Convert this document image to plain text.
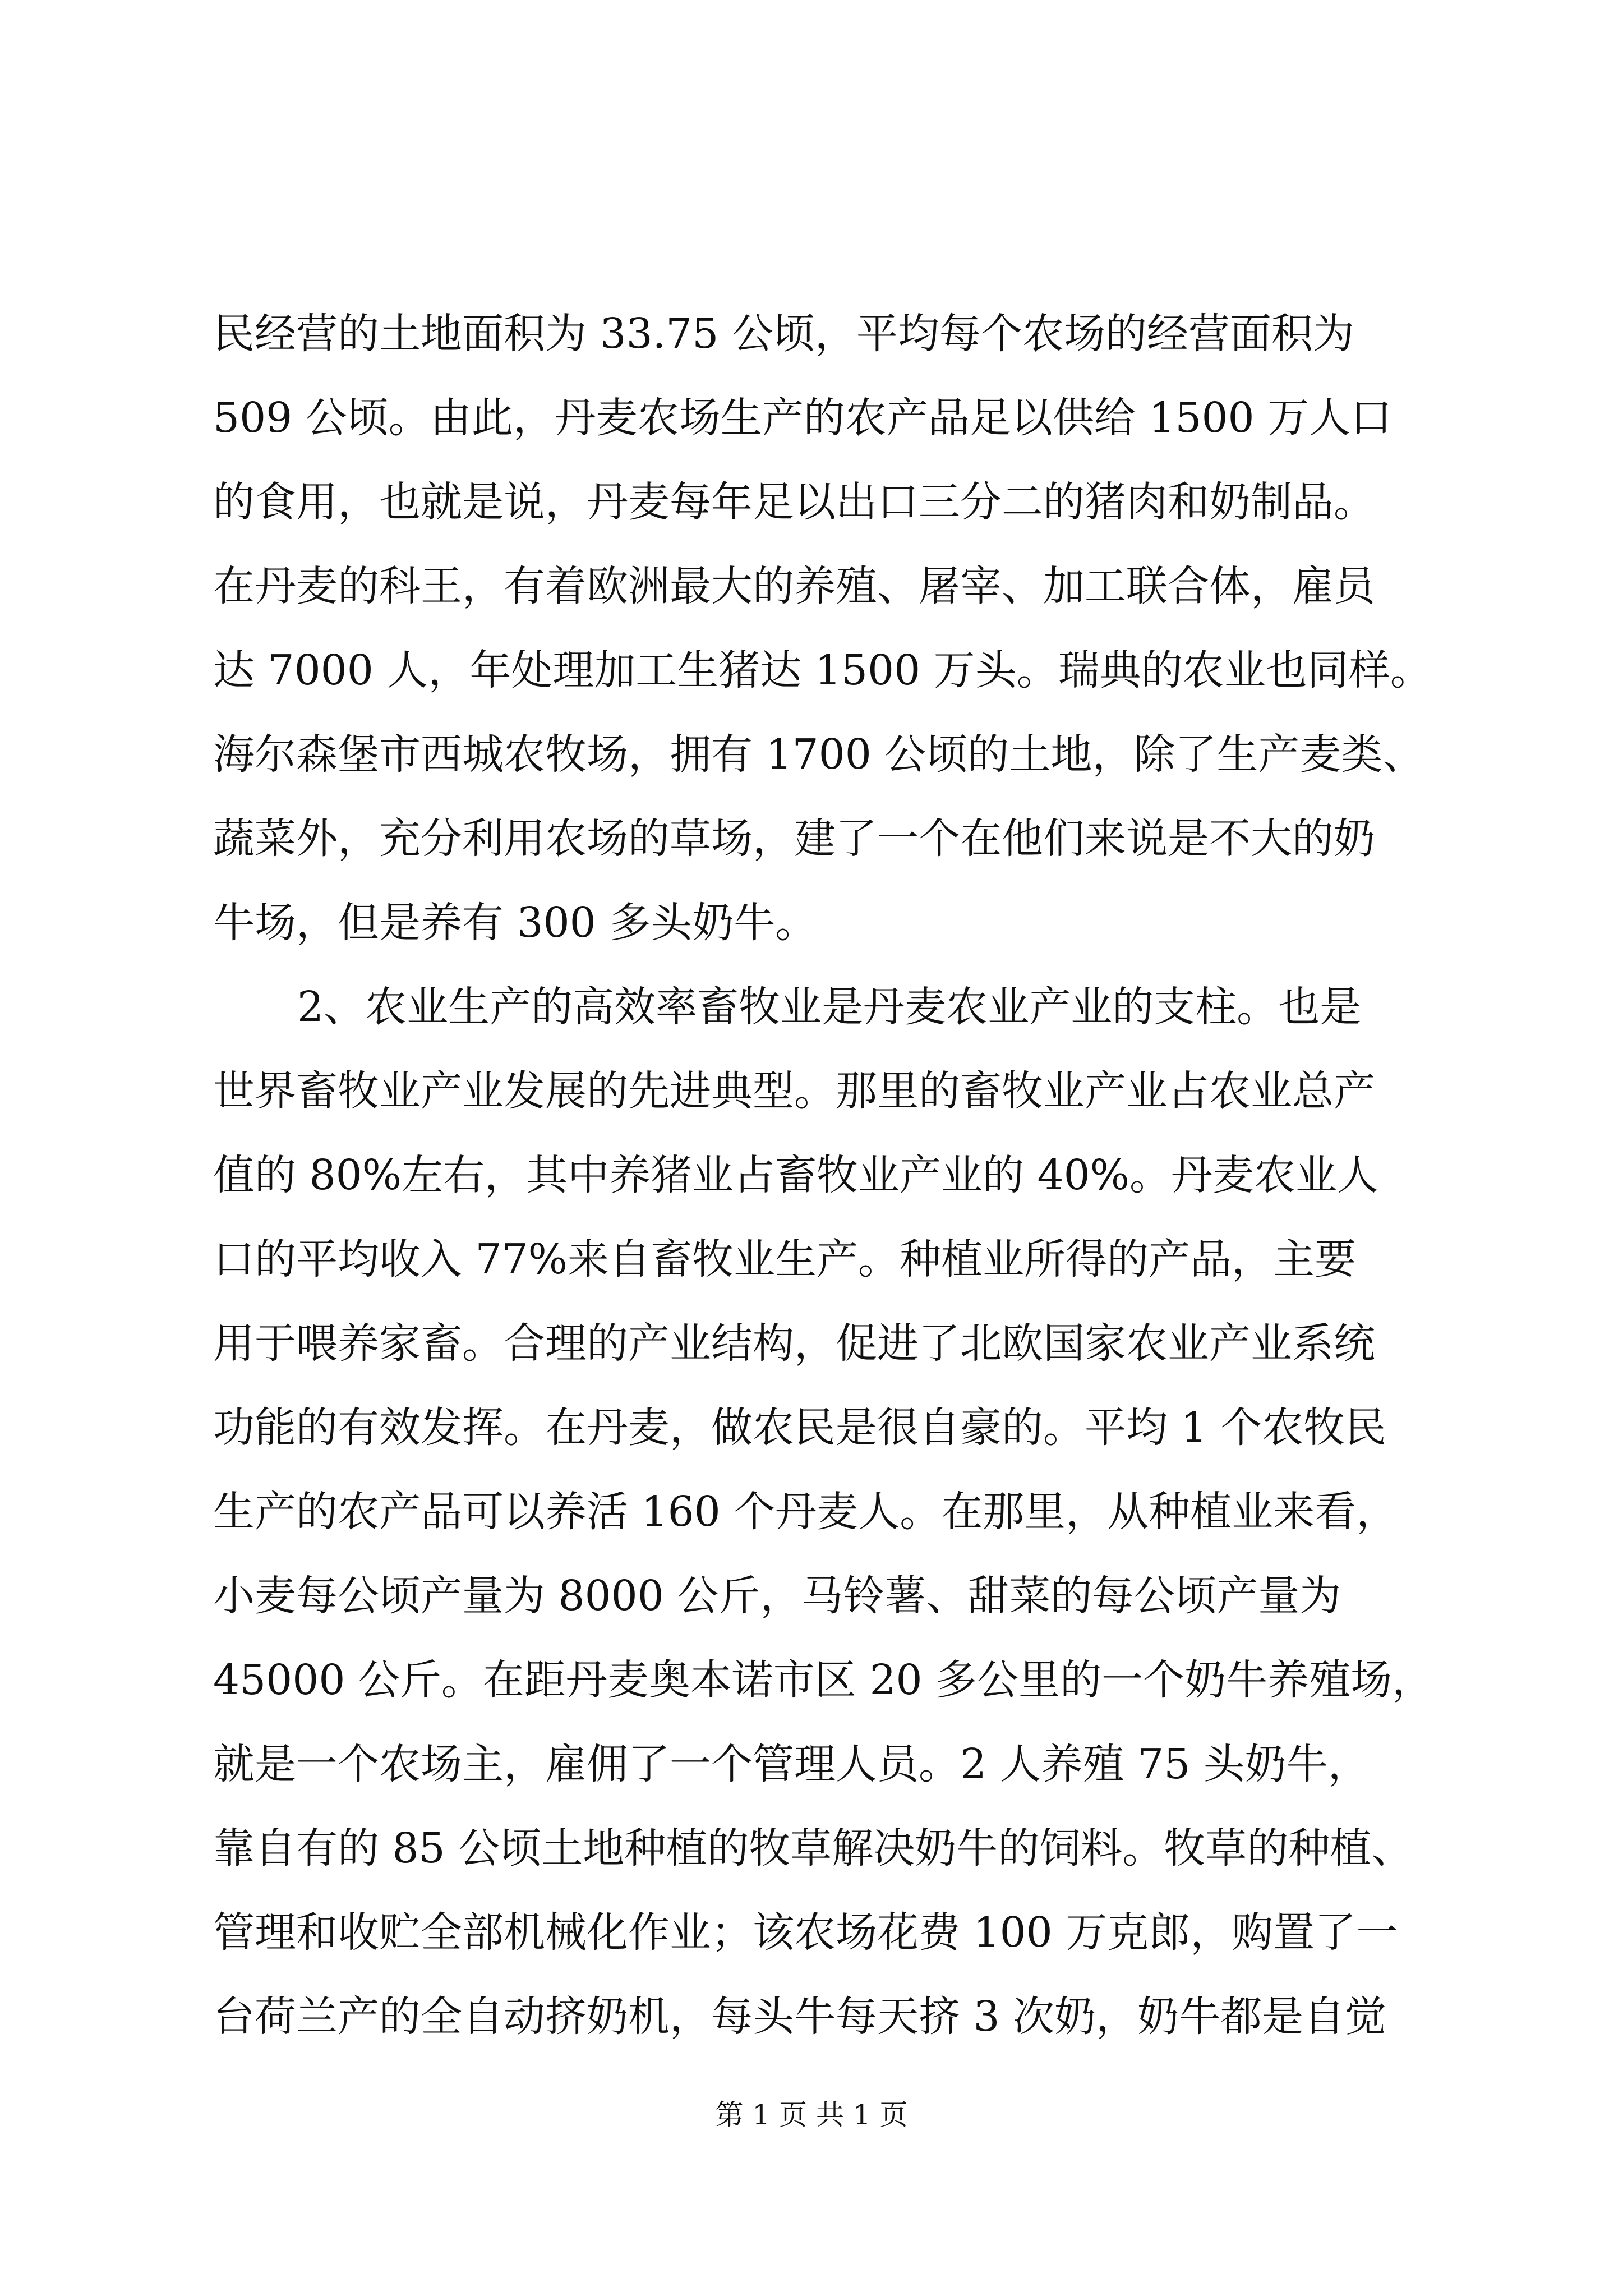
民经营的土地面积为 33.75 公顷，平均每个农场的经营面积为
509 公顷。由此，丹麦农场生产的农产品足以供给 1500 万人口
的食用，也就是说，丹麦每年足以出口三分二的猪肉和奶制品。
在丹麦的科王，有着欧洲最大的养殖、屠宰、加工联合体，雇员
达 7000 人，年处理加工生猪达 1500 万头。瑞典的农业也同样。
海尔森堡市西城农牧场，拥有 1700 公顷的土地，除了生产麦类、
蔬菜外，充分利用农场的草场，建了一个在他们来说是不大的奶
牛场，但是养有 300 多头奶牛。
2、农业生产的高效率畜牧业是丹麦农业产业的支柱。也是
世界畜牧业产业发展的先进典型。那里的畜牧业产业占农业总产
值的 80%左右，其中养猪业占畜牧业产业的 40%。丹麦农业人
口的平均收入 77%来自畜牧业生产。种植业所得的产品，主要
用于喂养家畜。合理的产业结构，促进了北欧国家农业产业系统
功能的有效发挥。在丹麦，做农民是很自豪的。平均 1 个农牧民
生产的农产品可以养活 160 个丹麦人。在那里，从种植业来看，
小麦每公顷产量为 8000 公斤，马铃薯、甜菜的每公顷产量为
45000 公斤。在距丹麦奥本诺市区 20 多公里的一个奶牛养殖场，
就是一个农场主，雇佣了一个管理人员。2 人养殖 75 头奶牛，
靠自有的 85 公顷土地种植的牧草解决奶牛的饲料。牧草的种植、
管理和收贮全部机械化作业；该农场花费 100 万克郎，购置了一
台荷兰产的全自动挤奶机，每头牛每天挤 3 次奶，奶牛都是自觉
第 1 页 共 1 页
